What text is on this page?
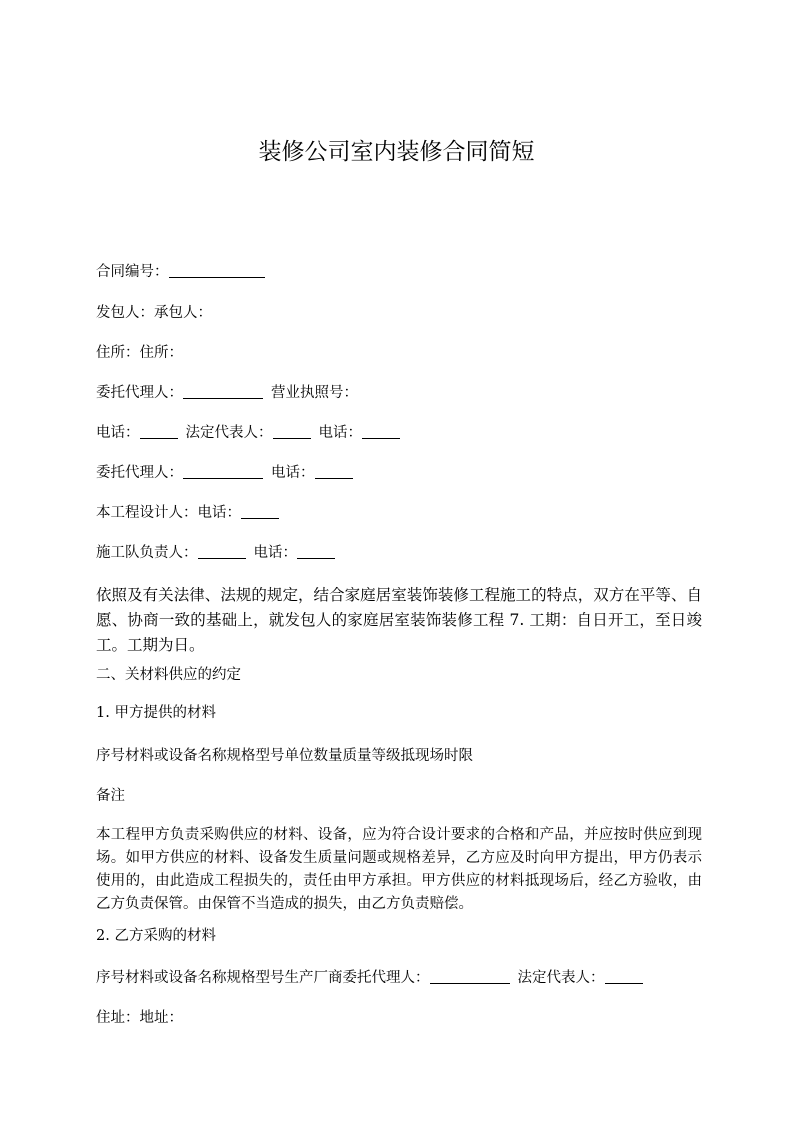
装修公司室内装修合同简短
合同编号：
发包人：承包人：
住所：住所：
委托代理人：	营业执照号：
电话：	法定代表人：	电话：
委托代理人：	电话：
本工程设计人：电话：
施工队负责人：	电话：
依照及有关法律、法规的规定，结合家庭居室装饰装修工程施工的特点，双方在平等、自愿、协商一致的基础上，就发包人的家庭居室装饰装修工程 7. 工期：自日开工，至日竣工。工期为日。
二、关材料供应的约定
1. 甲方提供的材料
序号材料或设备名称规格型号单位数量质量等级抵现场时限
备注
本工程甲方负责采购供应的材料、设备，应为符合设计要求的合格和产品，并应按时供应到现场。如甲方供应的材料、设备发生质量问题或规格差异，乙方应及时向甲方提出，甲方仍表示使用的，由此造成工程损失的，责任由甲方承担。甲方供应的材料抵现场后，经乙方验收，由乙方负责保管。由保管不当造成的损失，由乙方负责赔偿。
2. 乙方采购的材料
序号材料或设备名称规格型号生产厂商委托代理人：	法定代表人：
住址：地址：
